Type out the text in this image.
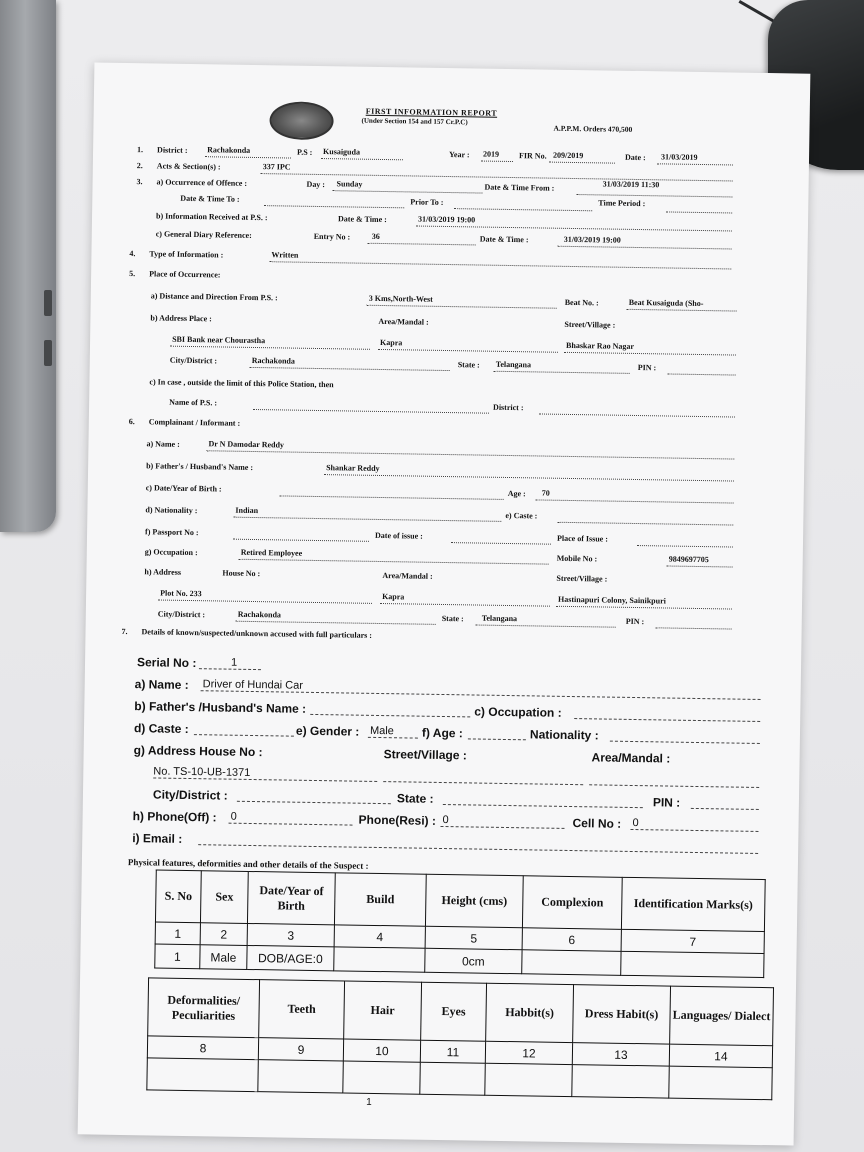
FIRST INFORMATION REPORT
(Under Section 154 and 157 Cr.P.C)
A.P.P.M. Orders 470,500
1. District : Rachakonda	P.S : Kusaiguda	Year : 2019 FIR No. 209/2019	Date : 31/03/2019
2. Acts & Section(s) :	337 IPC
3. a) Occurrence of Offence :	Day : Sunday	Date & Time From :	31/03/2019 11:30
Date & Time To :	Prior To :	Time Period :
b) Information Received at P.S. :	Date & Time :	31/03/2019 19:00
c) General Diary Reference:	Entry No :	36	Date & Time :	31/03/2019 19:00
4. Type of Information :	Written
5. Place of Occurrence:
a) Distance and Direction From P.S. :	3 Kms,North-West	Beat No. :	Beat Kusaiguda (Sho-
b) Address Place :	Area/Mandal :	Street/Village :
SBI Bank near Chourastha	Kapra	Bhaskar Rao Nagar
City/District :	Rachakonda	State : Telangana	PIN :
c) In case , outside the limit of this Police Station, then
Name of P.S. :
District :
6. Complainant / Informant :
a) Name :	Dr N Damodar Reddy
b) Father's / Husband's Name :	Shankar Reddy
c) Date/Year of Birth :
Age : 70
d) Nationality :	Indian
e) Caste :
f) Passport No :	Date of issue :	Place of Issue :
g) Occupation :	Retired Employee
Mobile No :	9849697705
h) Address	House No :	Area/Mandal :	Street/Village :
Plot No. 233	Kapra	Hastinapuri Colony, Sainikpuri
City/District :	Rachakonda	State : Telangana	PIN :
7. Details of known/suspected/unknown accused with full particulars :
Serial No :	1
a) Name : Driver of Hundai Car
b) Father's /Husband's Name :	c) Occupation :
d) Caste :	e) Gender : Male f) Age :	Nationality :
g) Address House No :	Street/Village :	Area/Mandal :
No. TS-10-UB-1371
City/District :	State :	PIN :
h) Phone(Off) : 0	Phone(Resi) : 0	Cell No : 0
i) Email :
Physical features, deformities and other details of the Suspect :
S. No	Sex	Date/Year of Birth	Build	Height (cms)	Complexion	Identification Marks(s)
1	2	3	4	5	6	7
1	Male	DOB/AGE:0		0cm		
Deformalities/ Peculiarities	Teeth	Hair	Eyes	Habbit(s)	Dress Habit(s)	Languages/ Dialect
8	9	10	11	12	13	14

1
